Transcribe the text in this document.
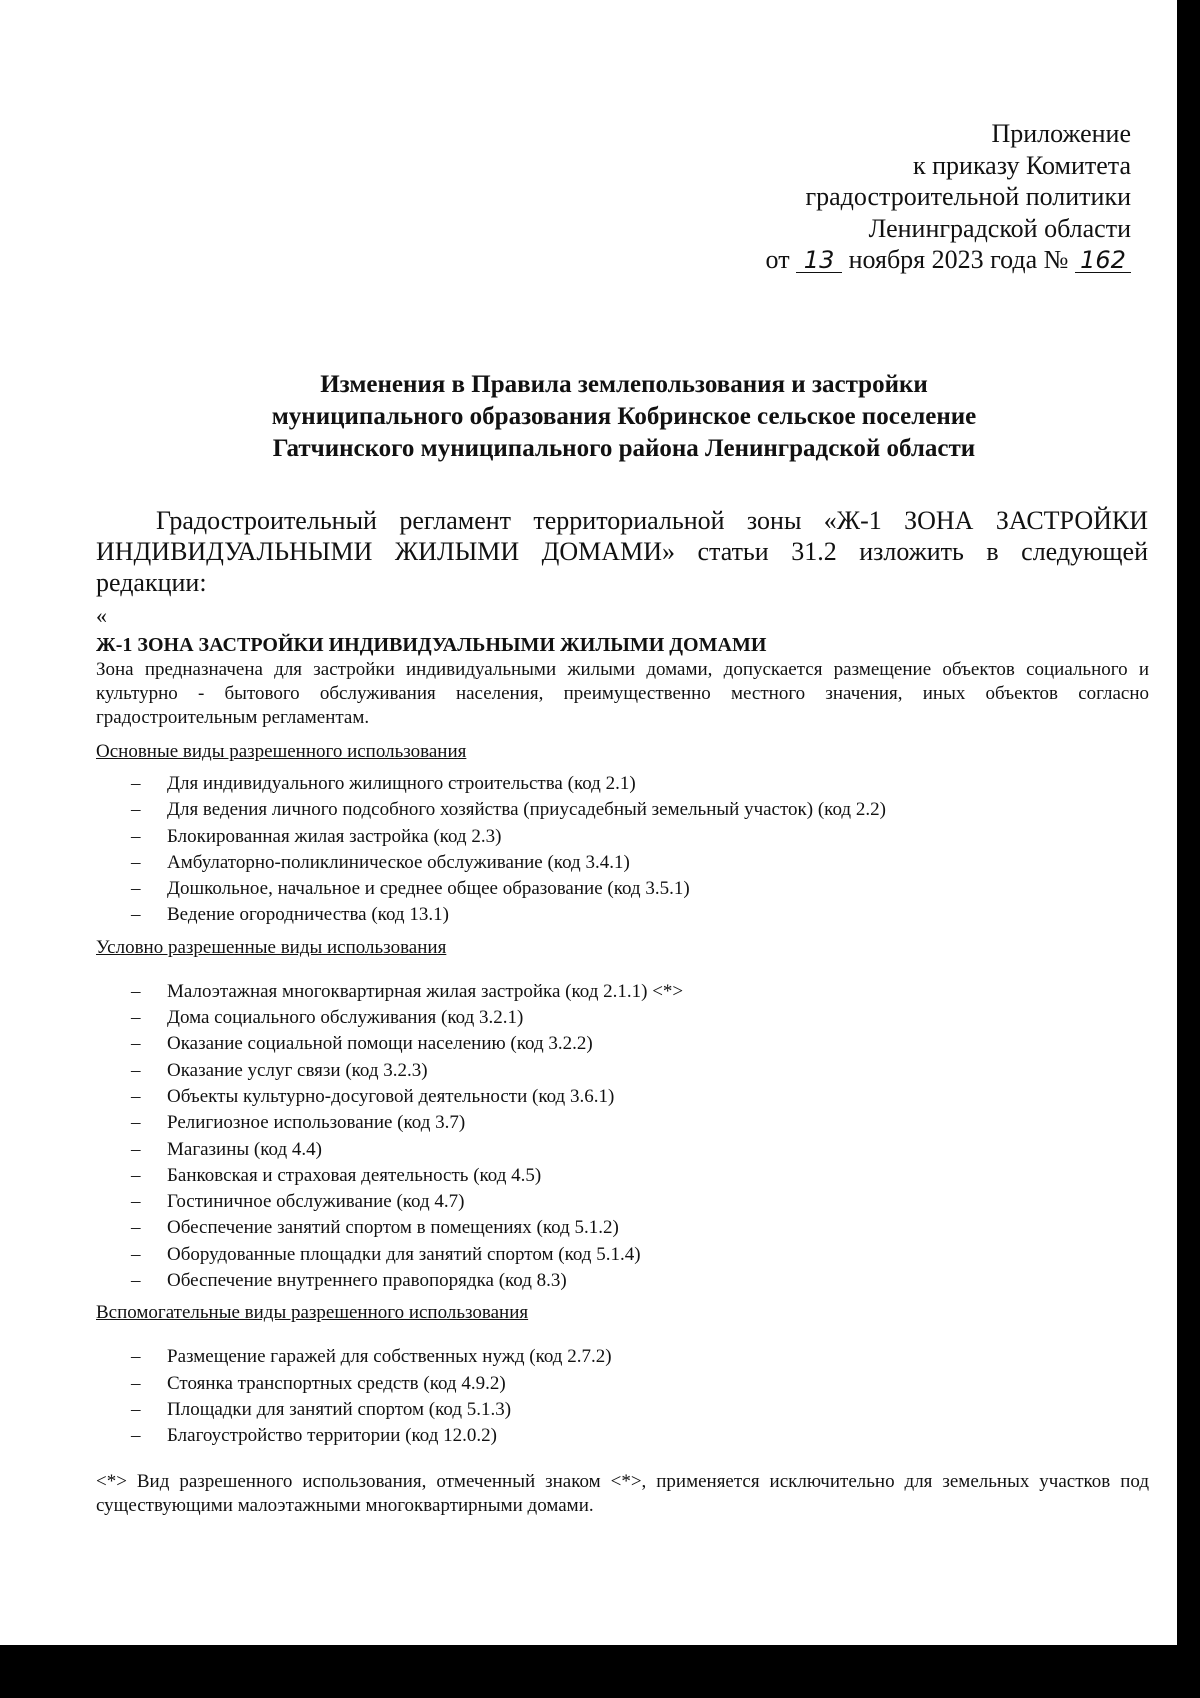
Приложение
к приказу Комитета
градостроительной политики
Ленинградской области
от 13 ноября 2023 года № 162
Изменения в Правила землепользования и застройки
муниципального образования Кобринское сельское поселение
Гатчинского муниципального района Ленинградской области
Градостроительный регламент территориальной зоны «Ж-1 ЗОНА ЗАСТРОЙКИ ИНДИВИДУАЛЬНЫМИ ЖИЛЫМИ ДОМАМИ» статьи 31.2 изложить в следующей редакции:
«

Ж-1 ЗОНА ЗАСТРОЙКИ ИНДИВИДУАЛЬНЫМИ ЖИЛЫМИ ДОМАМИ

Зона предназначена для застройки индивидуальными жилыми домами, допускается размещение объектов социального и культурно - бытового обслуживания населения, преимущественно местного значения, иных объектов согласно градостроительным регламентам.

Основные виды разрешенного использования

– Для индивидуального жилищного строительства (код 2.1)
– Для ведения личного подсобного хозяйства (приусадебный земельный участок) (код 2.2)
– Блокированная жилая застройка (код 2.3)
– Амбулаторно-поликлиническое обслуживание (код 3.4.1)
– Дошкольное, начальное и среднее общее образование (код 3.5.1)
– Ведение огородничества (код 13.1)

Условно разрешенные виды использования

– Малоэтажная многоквартирная жилая застройка (код 2.1.1) <*>
– Дома социального обслуживания (код 3.2.1)
– Оказание социальной помощи населению (код 3.2.2)
– Оказание услуг связи (код 3.2.3)
– Объекты культурно-досуговой деятельности (код 3.6.1)
– Религиозное использование (код 3.7)
– Магазины (код 4.4)
– Банковская и страховая деятельность (код 4.5)
– Гостиничное обслуживание (код 4.7)
– Обеспечение занятий спортом в помещениях (код 5.1.2)
– Оборудованные площадки для занятий спортом (код 5.1.4)
– Обеспечение внутреннего правопорядка (код 8.3)

Вспомогательные виды разрешенного использования

– Размещение гаражей для собственных нужд (код 2.7.2)
– Стоянка транспортных средств (код 4.9.2)
– Площадки для занятий спортом (код 5.1.3)
– Благоустройство территории (код 12.0.2)

<*> Вид разрешенного использования, отмеченный знаком <*>, применяется исключительно для земельных участков под существующими малоэтажными многоквартирными домами.
